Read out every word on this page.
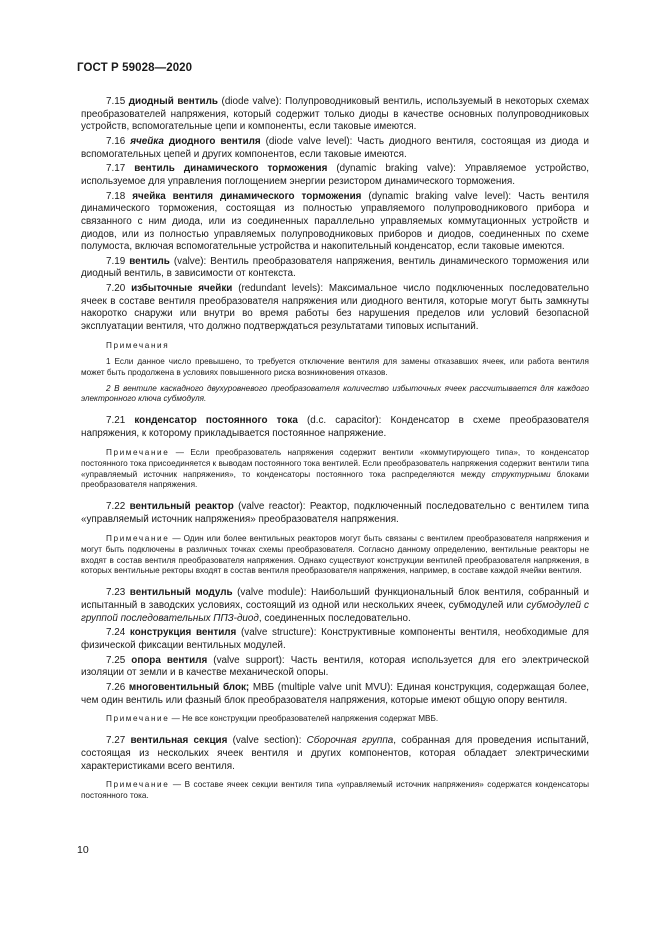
ГОСТ Р 59028—2020

7.15 диодный вентиль (diode valve): Полупроводниковый вентиль, используемый в некоторых схемах преобразователей напряжения, который содержит только диоды в качестве основных полупроводниковых устройств, вспомогательные цепи и компоненты, если таковые имеются.

7.16 ячейка диодного вентиля (diode valve level): Часть диодного вентиля, состоящая из диода и вспомогательных цепей и других компонентов, если таковые имеются.

7.17 вентиль динамического торможения (dynamic braking valve): Управляемое устройство, используемое для управления поглощением энергии резистором динамического торможения.

7.18 ячейка вентиля динамического торможения (dynamic braking valve level): Часть вентиля динамического торможения, состоящая из полностью управляемого полупроводникового прибора и связанного с ним диода, или из соединенных параллельно управляемых коммутационных устройств и диодов, или из полностью управляемых полупроводниковых приборов и диодов, соединенных по схеме полумоста, включая вспомогательные устройства и накопительный конденсатор, если таковые имеются.

7.19 вентиль (valve): Вентиль преобразователя напряжения, вентиль динамического торможения или диодный вентиль, в зависимости от контекста.

7.20 избыточные ячейки (redundant levels): Максимальное число подключенных последовательно ячеек в составе вентиля преобразователя напряжения или диодного вентиля, которые могут быть замкнуты накоротко снаружи или внутри во время работы без нарушения пределов или условий безопасной эксплуатации вентиля, что должно подтверждаться результатами типовых испытаний.

Примечания

1 Если данное число превышено, то требуется отключение вентиля для замены отказавших ячеек, или работа вентиля может быть продолжена в условиях повышенного риска возникновения отказов.

2 В вентиле каскадного двухуровневого преобразователя количество избыточных ячеек рассчитывается для каждого электронного ключа субмодуля.

7.21 конденсатор постоянного тока (d.c. capacitor): Конденсатор в схеме преобразователя напряжения, к которому прикладывается постоянное напряжение.

Примечание — Если преобразователь напряжения содержит вентили «коммутирующего типа», то конденсатор постоянного тока присоединяется к выводам постоянного тока вентилей. Если преобразователь напряжения содержит вентили типа «управляемый источник напряжения», то конденсаторы постоянного тока распределяются между структурными блоками преобразователя напряжения.

7.22 вентильный реактор (valve reactor): Реактор, подключенный последовательно с вентилем типа «управляемый источник напряжения» преобразователя напряжения.

Примечание — Один или более вентильных реакторов могут быть связаны с вентилем преобразователя напряжения и могут быть подключены в различных точках схемы преобразователя. Согласно данному определению, вентильные реакторы не входят в состав вентиля преобразователя напряжения. Однако существуют конструкции вентилей преобразователя напряжения, в которых вентильные ректоры входят в состав вентиля преобразователя напряжения, например, в составе каждой ячейки вентиля.

7.23 вентильный модуль (valve module): Наибольший функциональный блок вентиля, собранный и испытанный в заводских условиях, состоящий из одной или нескольких ячеек, субмодулей или субмодулей с группой последовательных ППЗ-диод, соединенных последовательно.

7.24 конструкция вентиля (valve structure): Конструктивные компоненты вентиля, необходимые для физической фиксации вентильных модулей.

7.25 опора вентиля (valve support): Часть вентиля, которая используется для его электрической изоляции от земли и в качестве механической опоры.

7.26 многовентильный блок; МВБ (multiple valve unit MVU): Единая конструкция, содержащая более, чем один вентиль или фазный блок преобразователя напряжения, которые имеют общую опору вентиля.

Примечание — Не все конструкции преобразователей напряжения содержат МВБ.

7.27 вентильная секция (valve section): Сборочная группа, собранная для проведения испытаний, состоящая из нескольких ячеек вентиля и других компонентов, которая обладает электрическими характеристиками всего вентиля.

Примечание — В составе ячеек секции вентиля типа «управляемый источник напряжения» содержатся конденсаторы постоянного тока.

10
